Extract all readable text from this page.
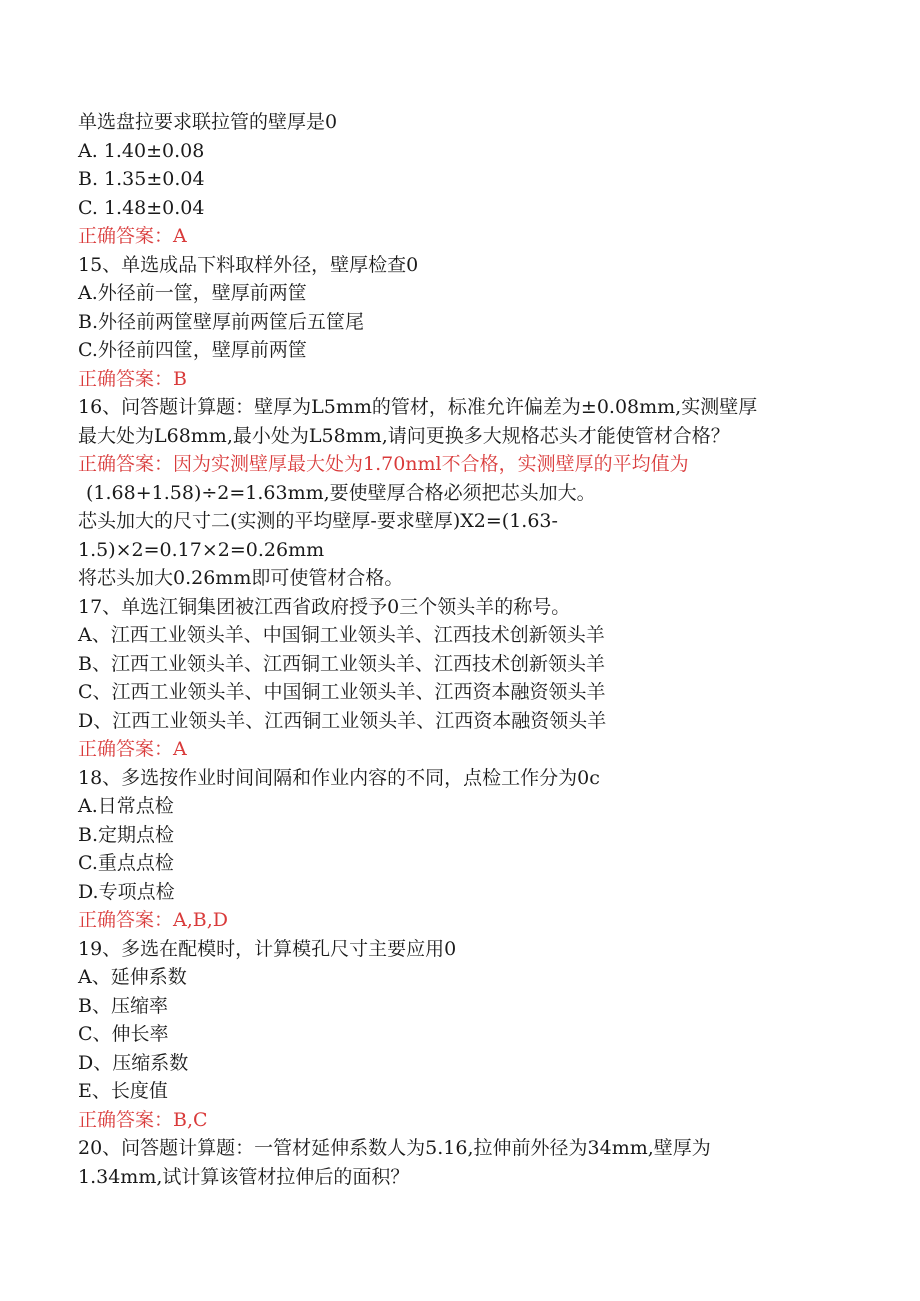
单选盘拉要求联拉管的壁厚是0
A. 1.40±0.08
B. 1.35±0.04
C. 1.48±0.04
正确答案：A
15、单选成品下料取样外径，壁厚检查0
A.外径前一筐，壁厚前两筐
B.外径前两筐壁厚前两筐后五筐尾
C.外径前四筐，壁厚前两筐
正确答案：B
16、问答题计算题：壁厚为L5mm的管材，标准允许偏差为±0.08mm,实测壁厚
最大处为L68mm,最小处为L58mm,请问更换多大规格芯头才能使管材合格？
正确答案：因为实测壁厚最大处为1.70nml不合格，实测壁厚的平均值为
(1.68+1.58)÷2=1.63mm,要使壁厚合格必须把芯头加大。
芯头加大的尺寸二(实测的平均壁厚-要求壁厚)X2=(1.63-
1.5)×2=0.17×2=0.26mm
将芯头加大0.26mm即可使管材合格。
17、单选江铜集团被江西省政府授予0三个领头羊的称号。
A、江西工业领头羊、中国铜工业领头羊、江西技术创新领头羊
B、江西工业领头羊、江西铜工业领头羊、江西技术创新领头羊
C、江西工业领头羊、中国铜工业领头羊、江西资本融资领头羊
D、江西工业领头羊、江西铜工业领头羊、江西资本融资领头羊
正确答案：A
18、多选按作业时间间隔和作业内容的不同，点检工作分为0c
A.日常点检
B.定期点检
C.重点点检
D.专项点检
正确答案：A,B,D
19、多选在配模时，计算模孔尺寸主要应用0
A、延伸系数
B、压缩率
C、伸长率
D、压缩系数
E、长度值
正确答案：B,C
20、问答题计算题：一管材延伸系数人为5.16,拉伸前外径为34mm,壁厚为
1.34mm,试计算该管材拉伸后的面积？
